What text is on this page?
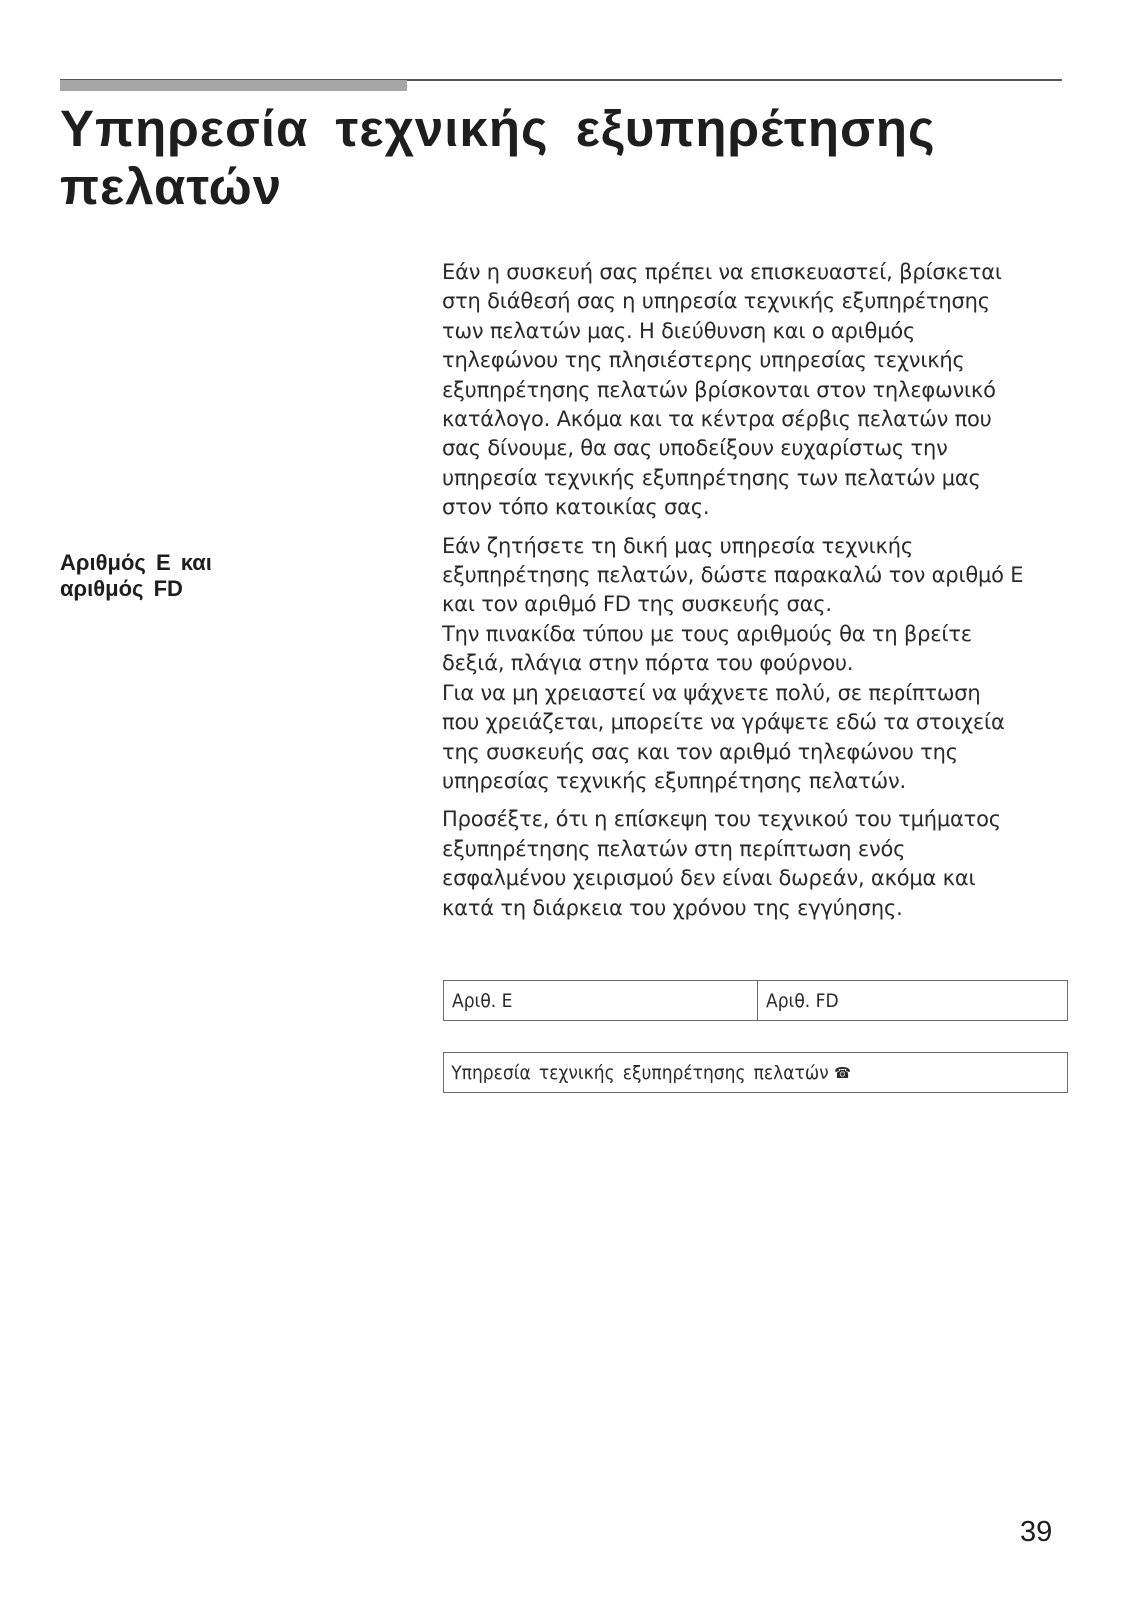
Υπηρεσία τεχνικής εξυπηρέτησης
πελατών
Αριθμός E και
αριθμός FD

Εάν η συσκευή σας πρέπει να επισκευαστεί, βρίσκεται
στη διάθεσή σας η υπηρεσία τεχνικής εξυπηρέτησης
των πελατών μας. Η διεύθυνση και ο αριθμός
τηλεφώνου της πλησιέστερης υπηρεσίας τεχνικής
εξυπηρέτησης πελατών βρίσκονται στον τηλεφωνικό
κατάλογο. Ακόμα και τα κέντρα σέρβις πελατών που
σας δίνουμε, θα σας υποδείξουν ευχαρίστως την
υπηρεσία τεχνικής εξυπηρέτησης των πελατών μας
στον τόπο κατοικίας σας.

Εάν ζητήσετε τη δική μας υπηρεσία τεχνικής
εξυπηρέτησης πελατών, δώστε παρακαλώ τον αριθμό E
και τον αριθμό FD της συσκευής σας.
Την πινακίδα τύπου με τους αριθμούς θα τη βρείτε
δεξιά, πλάγια στην πόρτα του φούρνου.
Για να μη χρειαστεί να ψάχνετε πολύ, σε περίπτωση
που χρειάζεται, μπορείτε να γράψετε εδώ τα στοιχεία
της συσκευής σας και τον αριθμό τηλεφώνου της
υπηρεσίας τεχνικής εξυπηρέτησης πελατών.

Προσέξτε, ότι η επίσκεψη του τεχνικού του τμήματος
εξυπηρέτησης πελατών στη περίπτωση ενός
εσφαλμένου χειρισμού δεν είναι δωρεάν, ακόμα και
κατά τη διάρκεια του χρόνου της εγγύησης.

Αριθ. E	Αριθ. FD
Υπηρεσία τεχνικής εξυπηρέτησης πελατών ☎
39
